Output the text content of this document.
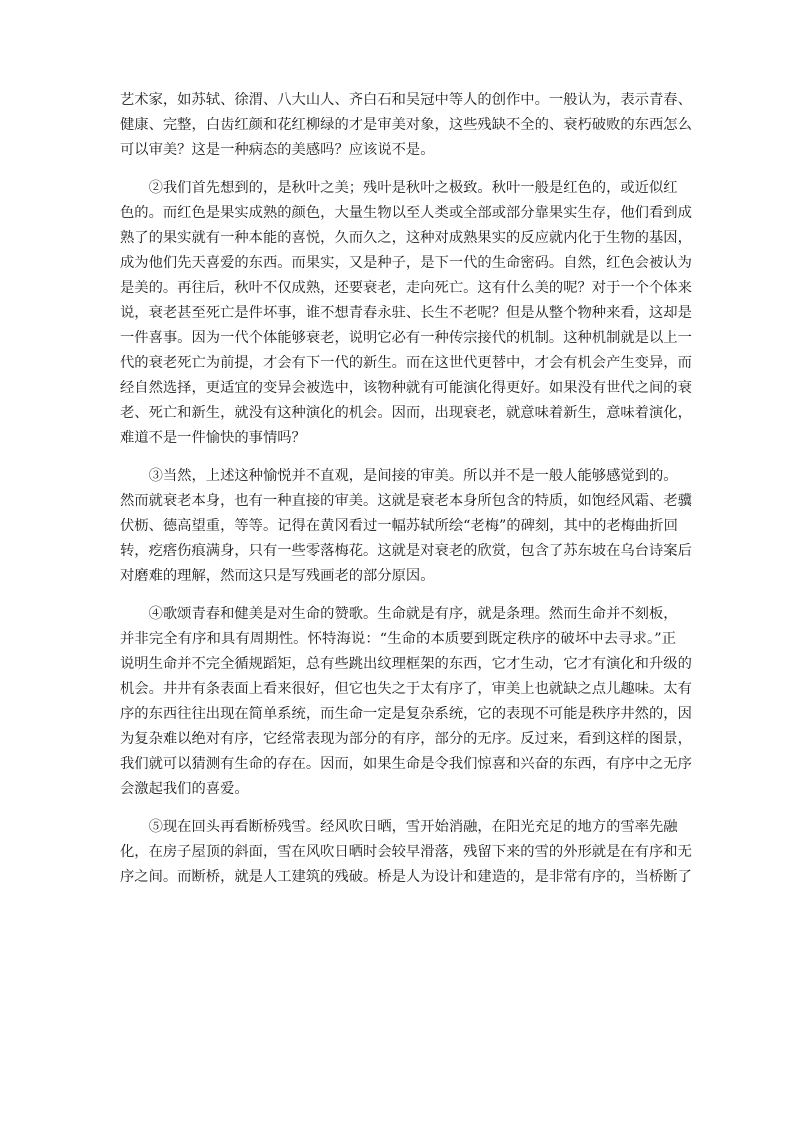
艺术家，如苏轼、徐渭、八大山人、齐白石和吴冠中等人的创作中。一般认为，表示青春、
健康、完整，白齿红颜和花红柳绿的才是审美对象，这些残缺不全的、衰朽破败的东西怎么
可以审美？这是一种病态的美感吗？应该说不是。
　　②我们首先想到的，是秋叶之美；残叶是秋叶之极致。秋叶一般是红色的，或近似红
色的。而红色是果实成熟的颜色，大量生物以至人类或全部或部分靠果实生存，他们看到成
熟了的果实就有一种本能的喜悦，久而久之，这种对成熟果实的反应就内化于生物的基因，
成为他们先天喜爱的东西。而果实，又是种子，是下一代的生命密码。自然，红色会被认为
是美的。再往后，秋叶不仅成熟，还要衰老，走向死亡。这有什么美的呢？对于一个个体来
说，衰老甚至死亡是件坏事，谁不想青春永驻、长生不老呢？但是从整个物种来看，这却是
一件喜事。因为一代个体能够衰老，说明它必有一种传宗接代的机制。这种机制就是以上一
代的衰老死亡为前提，才会有下一代的新生。而在这世代更替中，才会有机会产生变异，而
经自然选择，更适宜的变异会被选中，该物种就有可能演化得更好。如果没有世代之间的衰
老、死亡和新生，就没有这种演化的机会。因而，出现衰老，就意味着新生，意味着演化，
难道不是一件愉快的事情吗？
　　③当然，上述这种愉悦并不直观，是间接的审美。所以并不是一般人能够感觉到的。
然而就衰老本身，也有一种直接的审美。这就是衰老本身所包含的特质，如饱经风霜、老骥
伏枥、德高望重，等等。记得在黄冈看过一幅苏轼所绘“老梅”的碑刻，其中的老梅曲折回
转，疙瘩伤痕满身，只有一些零落梅花。这就是对衰老的欣赏，包含了苏东坡在乌台诗案后
对磨难的理解，然而这只是写残画老的部分原因。
　　④歌颂青春和健美是对生命的赞歌。生命就是有序，就是条理。然而生命并不刻板，
并非完全有序和具有周期性。怀特海说：“生命的本质要到既定秩序的破坏中去寻求。”正
说明生命并不完全循规蹈矩，总有些跳出纹理框架的东西，它才生动，它才有演化和升级的
机会。井井有条表面上看来很好，但它也失之于太有序了，审美上也就缺之点儿趣味。太有
序的东西往往出现在简单系统，而生命一定是复杂系统，它的表现不可能是秩序井然的，因
为复杂难以绝对有序，它经常表现为部分的有序，部分的无序。反过来，看到这样的图景，
我们就可以猜测有生命的存在。因而，如果生命是令我们惊喜和兴奋的东西，有序中之无序
会激起我们的喜爱。
　　⑤现在回头再看断桥残雪。经风吹日晒，雪开始消融，在阳光充足的地方的雪率先融
化，在房子屋顶的斜面，雪在风吹日晒时会较早滑落，残留下来的雪的外形就是在有序和无
序之间。而断桥，就是人工建筑的残破。桥是人为设计和建造的，是非常有序的，当桥断了
